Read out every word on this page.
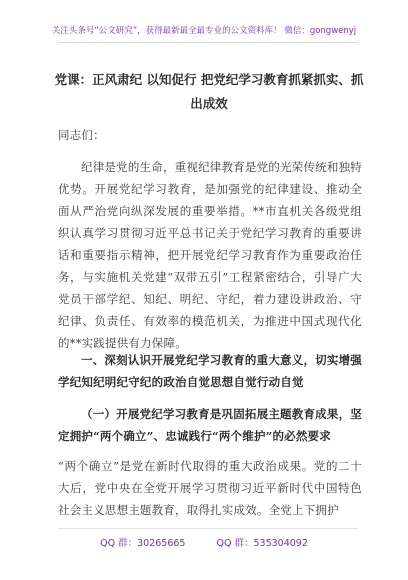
关注头条号“公文研究”，获得最新最全最专业的公文资料库！ 微信：gongwenyj
党课：正风肃纪 以知促行 把党纪学习教育抓紧抓实、抓出成效
同志们：
纪律是党的生命，重视纪律教育是党的光荣传统和独特优势。开展党纪学习教育，是加强党的纪律建设、推动全面从严治党向纵深发展的重要举措。**市直机关各级党组织认真学习贯彻习近平总书记关于党纪学习教育的重要讲话和重要指示精神，把开展党纪学习教育作为重要政治任务，与实施机关党建“双带五引”工程紧密结合，引导广大党员干部学纪、知纪、明纪、守纪，着力建设讲政治、守纪律、负责任、有效率的模范机关，为推进中国式现代化的**实践提供有力保障。
一、深刻认识开展党纪学习教育的重大意义，切实增强学纪知纪明纪守纪的政治自觉思想自觉行动自觉
（一）开展党纪学习教育是巩固拓展主题教育成果，坚定拥护“两个确立”、忠诚践行“两个维护”的必然要求
“两个确立”是党在新时代取得的重大政治成果。党的二十大后，党中央在全党开展学习贯彻习近平新时代中国特色社会主义思想主题教育，取得扎实成效。全党上下拥护
QQ 群：30265665	QQ 群：535304092
